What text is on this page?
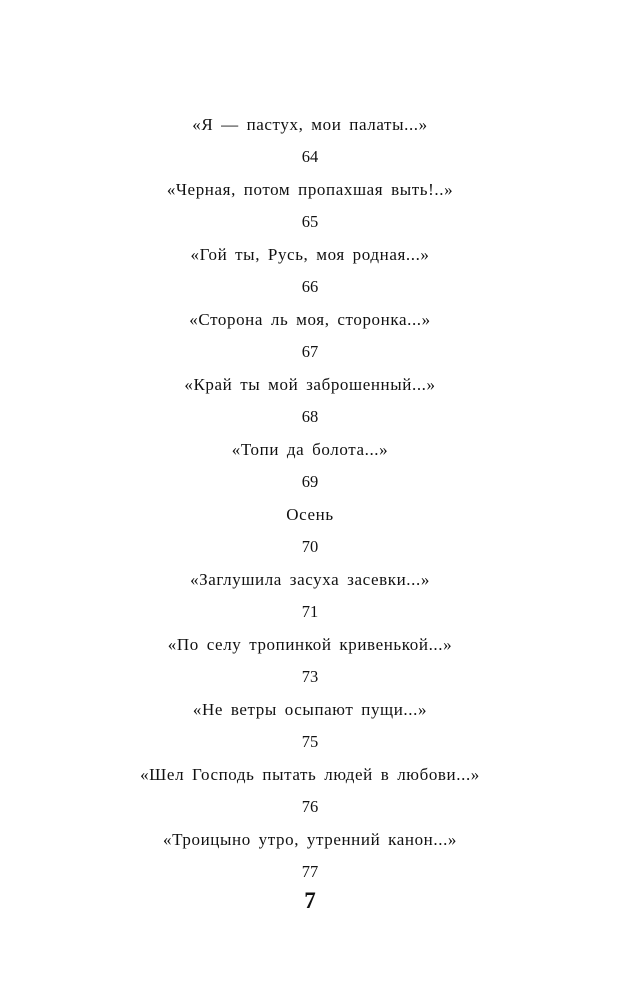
«Я — пастух, мои палаты...»
64
«Черная, потом пропахшая выть!..»
65
«Гой ты, Русь, моя родная...»
66
«Сторона ль моя, сторонка...»
67
«Край ты мой заброшенный...»
68
«Топи да болота...»
69
Осень
70
«Заглушила засуха засевки...»
71
«По селу тропинкой кривенькой...»
73
«Не ветры осыпают пущи...»
75
«Шел Господь пытать людей в любови...»
76
«Троицыно утро, утренний канон...»
77
7
